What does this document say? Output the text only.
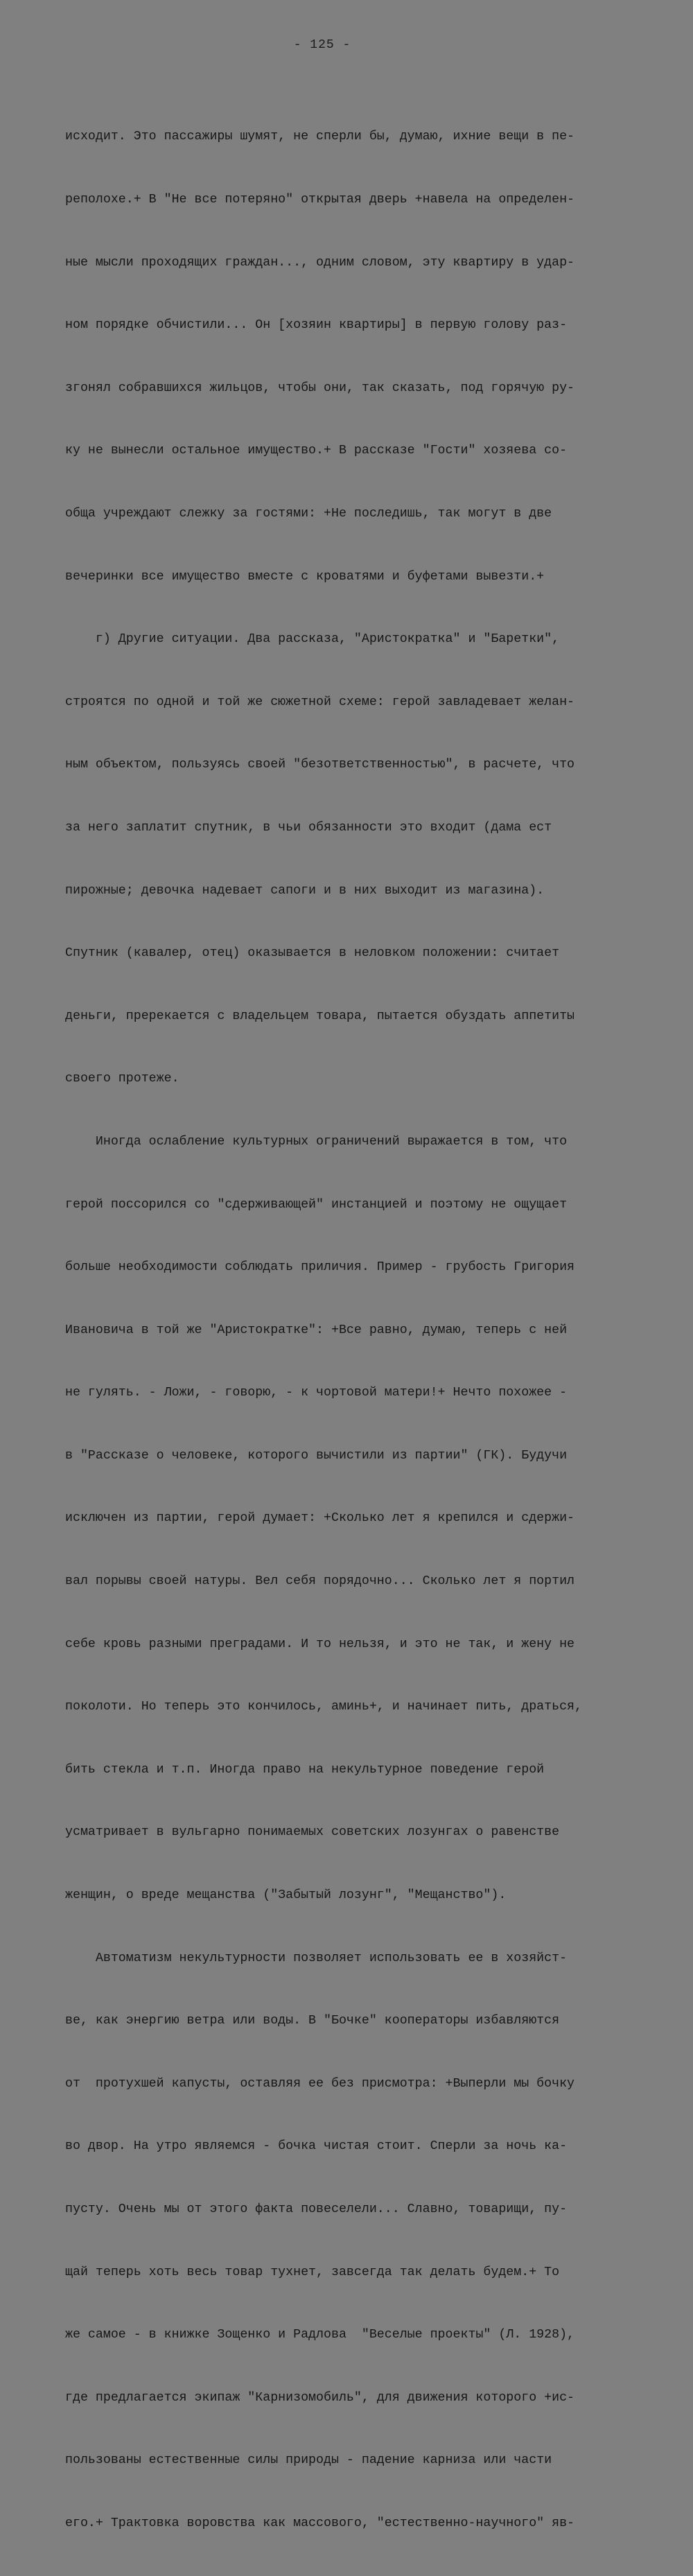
- 125 -

исходит. Это пассажиры шумят, не сперли бы, думаю, ихние вещи в пе-

реполохе.+ В "Не все потеряно" открытая дверь +навела на определен-

ные мысли проходящих граждан..., одним словом, эту квартиру в удар-

ном порядке обчистили... Он [хозяин квартиры] в первую голову раз-

згонял собравшихся жильцов, чтобы они, так сказать, под горячую ру-

ку не вынесли остальное имущество.+ В рассказе "Гости" хозяева со-

обща учреждают слежку за гостями: +Не последишь, так могут в две

вечеринки все имущество вместе с кроватями и буфетами вывезти.+

г) Другие ситуации. Два рассказа, "Аристократка" и "Баретки",

строятся по одной и той же сюжетной схеме: герой завладевает желан-

ным объектом, пользуясь своей "безответственностью", в расчете, что

за него заплатит спутник, в чьи обязанности это входит (дама ест

пирожные; девочка надевает сапоги и в них выходит из магазина).

Спутник (кавалер, отец) оказывается в неловком положении: считает

деньги, пререкается с владельцем товара, пытается обуздать аппетиты

своего протеже.

Иногда ослабление культурных ограничений выражается в том, что

герой поссорился со "сдерживающей" инстанцией и поэтому не ощущает

больше необходимости соблюдать приличия. Пример - грубость Григория

Ивановича в той же "Аристократке": +Все равно, думаю, теперь с ней

не гулять. - Ложи, - говорю, - к чортовой матери!+ Нечто похожее -

в "Рассказе о человеке, которого вычистили из партии" (ГК). Будучи

исключен из партии, герой думает: +Сколько лет я крепился и сдержи-

вал порывы своей натуры. Вел себя порядочно... Сколько лет я портил

себе кровь разными преградами. И то нельзя, и это не так, и жену не

поколоти. Но теперь это кончилось, аминь+, и начинает пить, драться,

бить стекла и т.п. Иногда право на некультурное поведение герой

усматривает в вульгарно понимаемых советских лозунгах о равенстве

женщин, о вреде мещанства ("Забытый лозунг", "Мещанство").

Автоматизм некультурности позволяет использовать ее в хозяйст-

ве, как энергию ветра или воды. В "Бочке" кооператоры избавляются

от  протухшей капусты, оставляя ее без присмотра: +Выперли мы бочку

во двор. На утро являемся - бочка чистая стоит. Сперли за ночь ка-

пусту. Очень мы от этого факта повеселели... Славно, товарищи, пу-

щай теперь хоть весь товар тухнет, завсегда так делать будем.+ То

же самое - в книжке Зощенко и Радлова  "Веселые проекты" (Л. 1928),

где предлагается экипаж "Карнизомобиль", для движения которого +ис-

пользованы естественные силы природы - падение карниза или части

его.+ Трактовка воровства как массового, "естественно-научного" яв-
